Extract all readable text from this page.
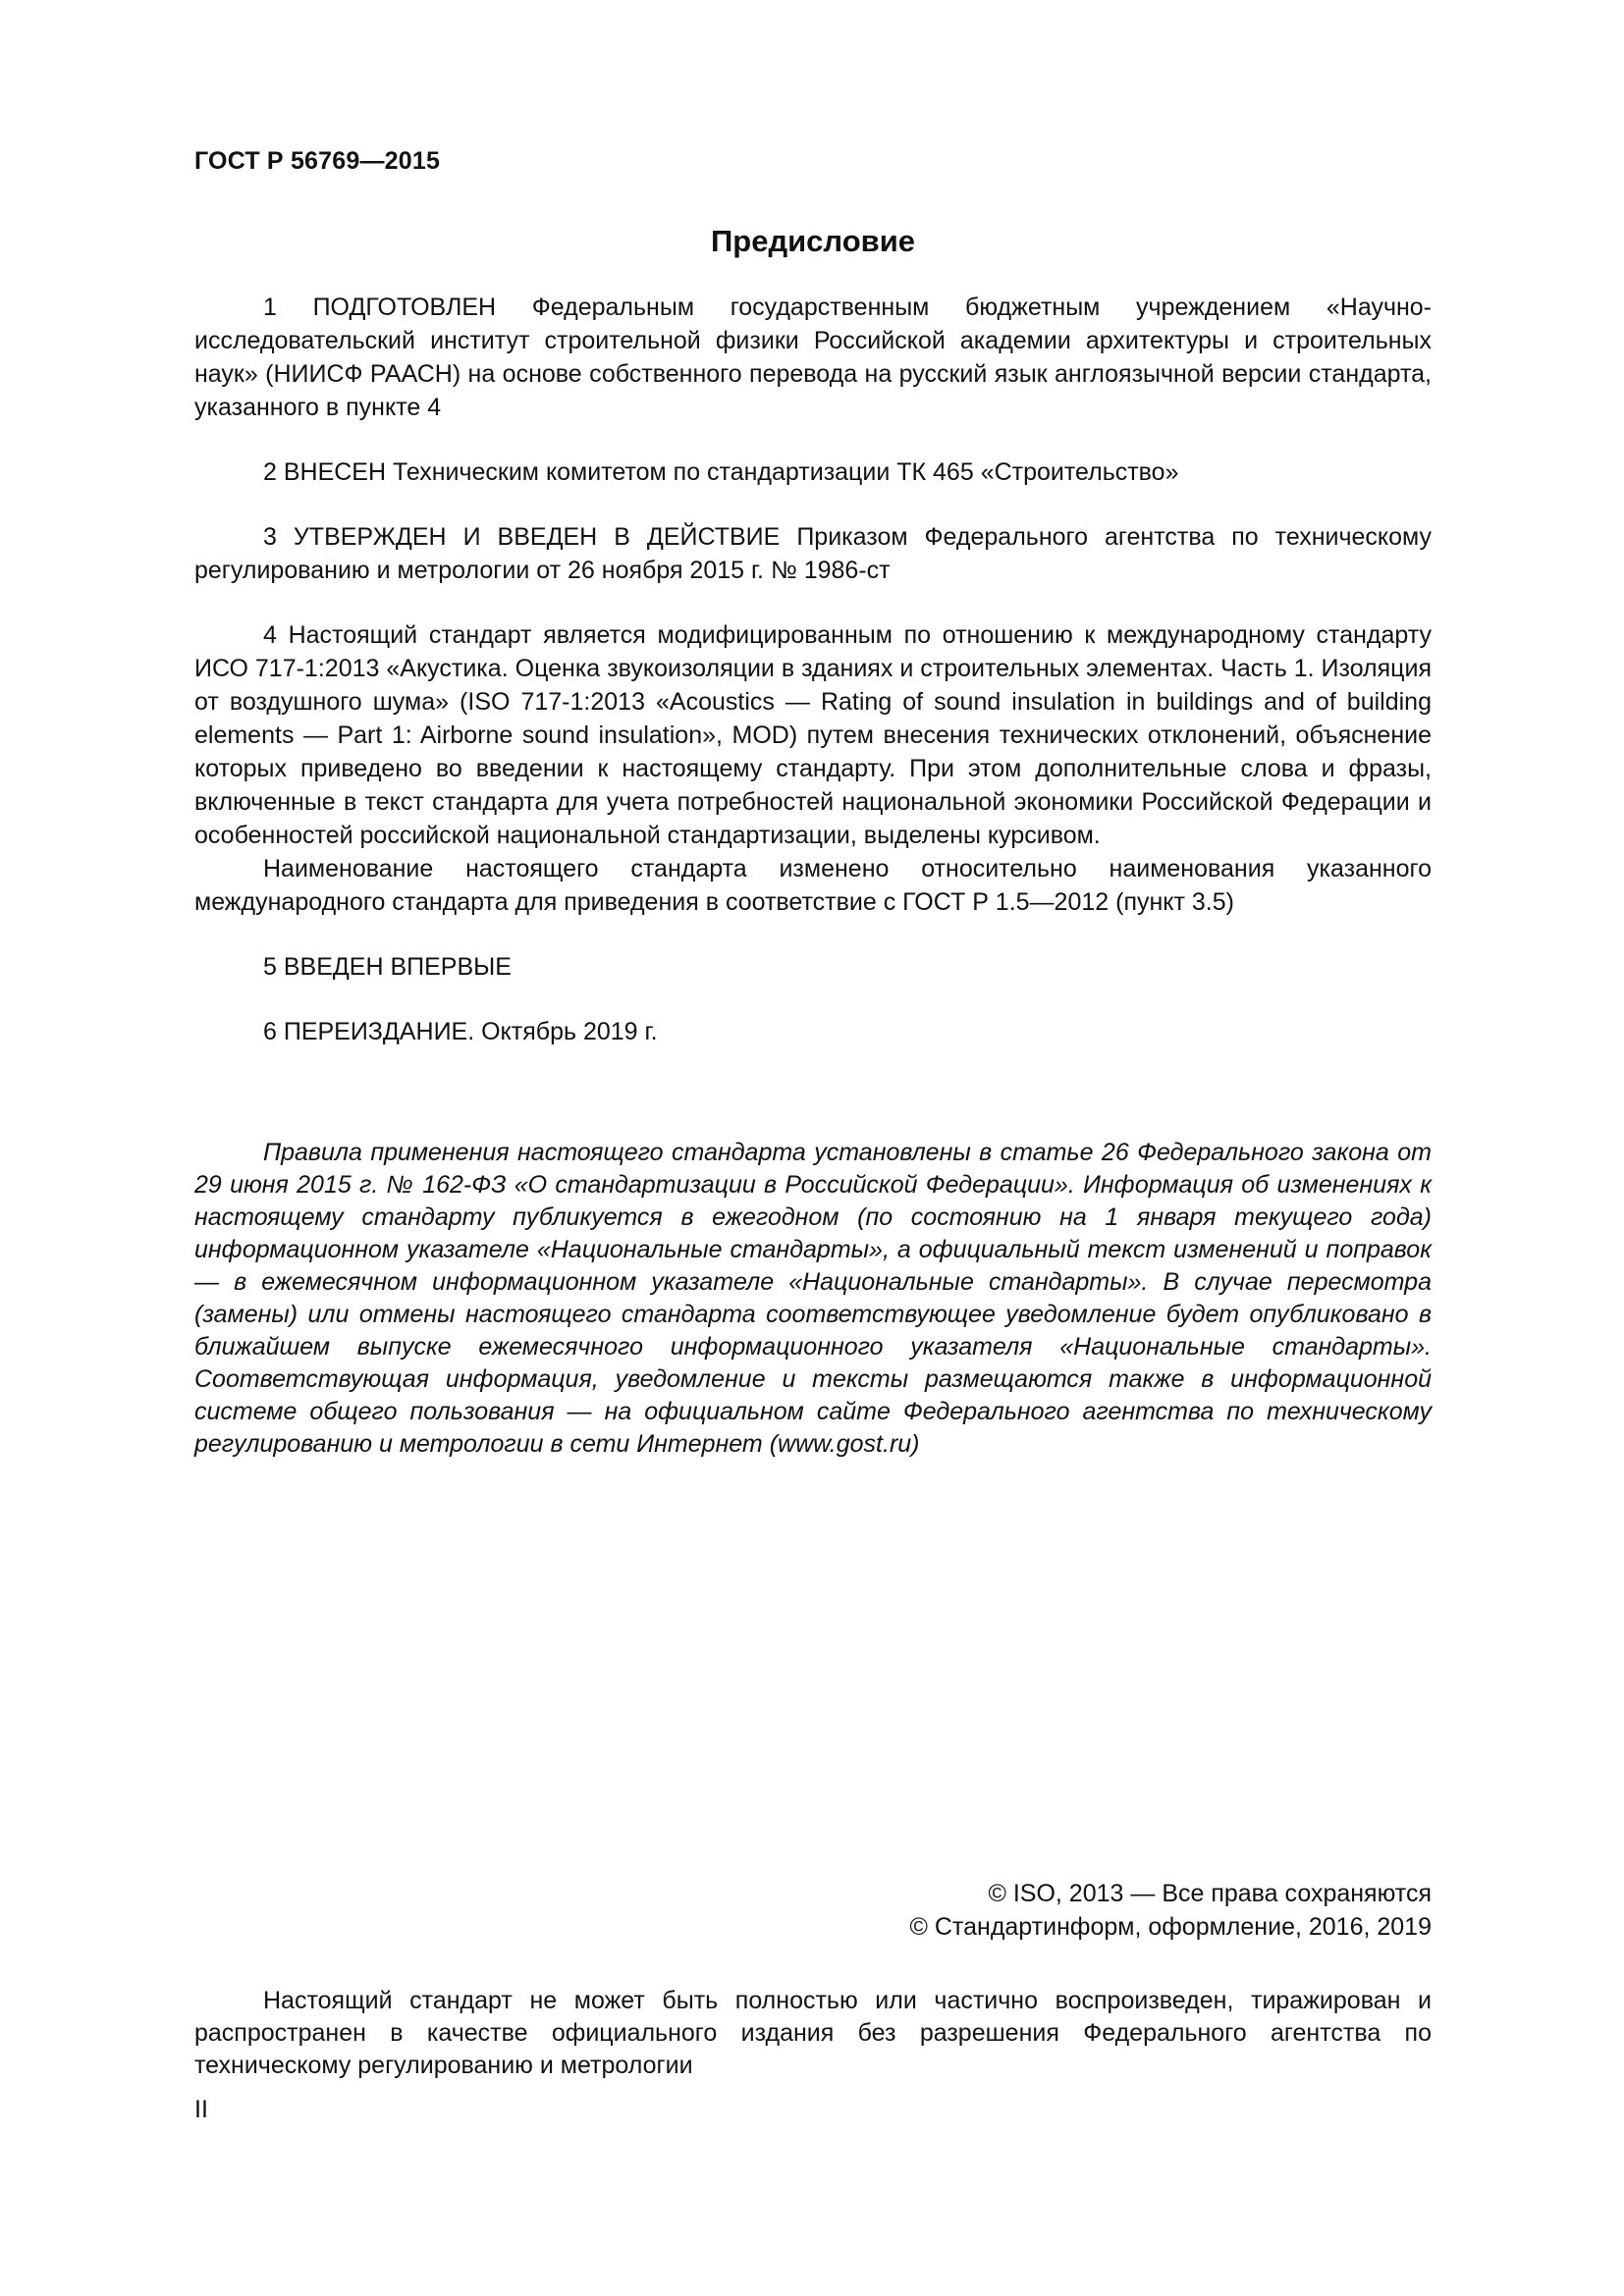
ГОСТ Р 56769—2015
Предисловие

1 ПОДГОТОВЛЕН Федеральным государственным бюджетным учреждением «Научно-исследовательский институт строительной физики Российской академии архитектуры и строительных наук» (НИИСФ РААСН) на основе собственного перевода на русский язык англоязычной версии стандарта, указанного в пункте 4

2 ВНЕСЕН Техническим комитетом по стандартизации ТК 465 «Строительство»

3 УТВЕРЖДЕН И ВВЕДЕН В ДЕЙСТВИЕ Приказом Федерального агентства по техническому регулированию и метрологии от 26 ноября 2015 г. № 1986-ст

4 Настоящий стандарт является модифицированным по отношению к международному стандарту ИСО 717-1:2013 «Акустика. Оценка звукоизоляции в зданиях и строительных элементах. Часть 1. Изоляция от воздушного шума» (ISO 717-1:2013 «Acoustics — Rating of sound insulation in buildings and of building elements — Part 1: Airborne sound insulation», MOD) путем внесения технических отклонений, объяснение которых приведено во введении к настоящему стандарту. При этом дополнительные слова и фразы, включенные в текст стандарта для учета потребностей национальной экономики Российской Федерации и особенностей российской национальной стандартизации, выделены курсивом.

Наименование настоящего стандарта изменено относительно наименования указанного международного стандарта для приведения в соответствие с ГОСТ Р 1.5—2012 (пункт 3.5)

5 ВВЕДЕН ВПЕРВЫЕ

6 ПЕРЕИЗДАНИЕ. Октябрь 2019 г.

Правила применения настоящего стандарта установлены в статье 26 Федерального закона от 29 июня 2015 г. № 162-ФЗ «О стандартизации в Российской Федерации». Информация об изменениях к настоящему стандарту публикуется в ежегодном (по состоянию на 1 января текущего года) информационном указателе «Национальные стандарты», а официальный текст изменений и поправок — в ежемесячном информационном указателе «Национальные стандарты». В случае пересмотра (замены) или отмены настоящего стандарта соответствующее уведомление будет опубликовано в ближайшем выпуске ежемесячного информационного указателя «Национальные стандарты». Соответствующая информация, уведомление и тексты размещаются также в информационной системе общего пользования — на официальном сайте Федерального агентства по техническому регулированию и метрологии в сети Интернет (www.gost.ru)

© ISO, 2013 — Все права сохраняются
© Стандартинформ, оформление, 2016, 2019

Настоящий стандарт не может быть полностью или частично воспроизведен, тиражирован и распространен в качестве официального издания без разрешения Федерального агентства по техническому регулированию и метрологии

II
